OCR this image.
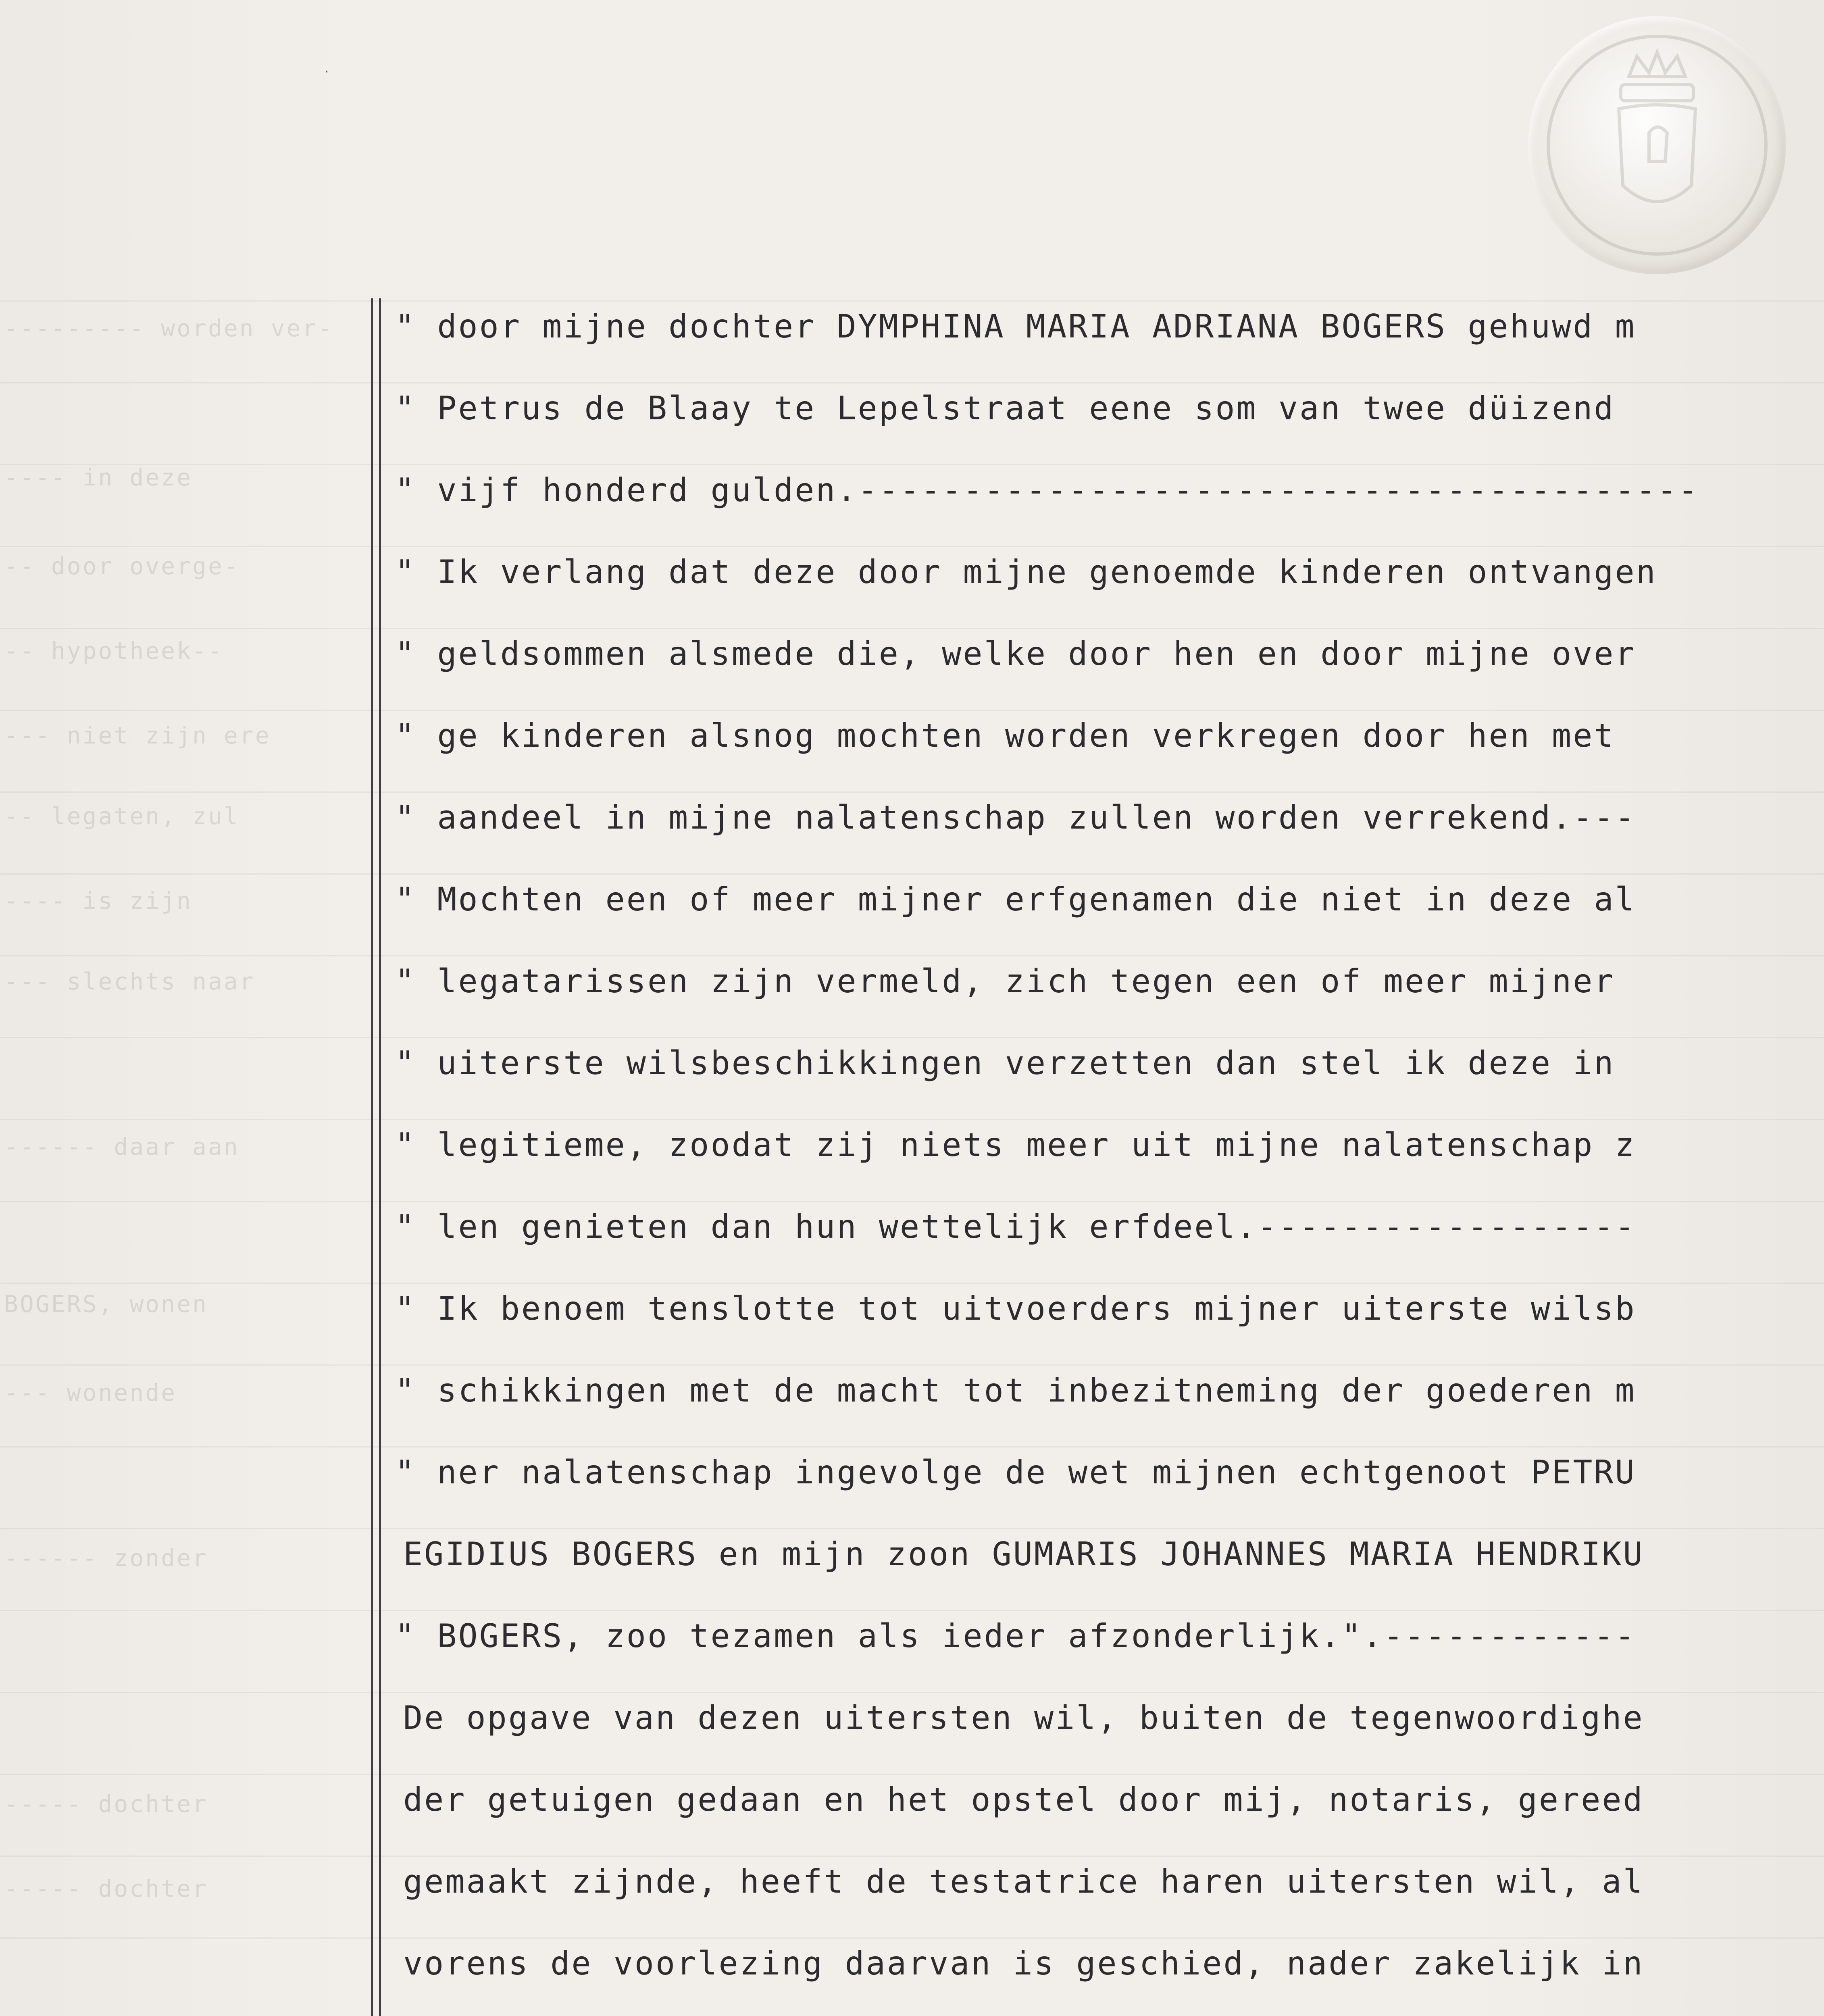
--------- worden ver-
---- in deze
-- door overge-
-- hypotheek--
--- niet zijn ere
-- legaten, zul
---- is zijn
--- slechts naar
------ daar aan
BOGERS, wonen
--- wonende
------ zonder
----- dochter
----- dochter
˙
" door mijne dochter DYMPHINA MARIA ADRIANA BOGERS gehuwd m
" Petrus de Blaay te Lepelstraat eene som van twee düizend
" vijf honderd gulden.----------------------------------------
" Ik verlang dat deze door mijne genoemde kinderen ontvangen
" geldsommen alsmede die, welke door hen en door mijne over
" ge kinderen alsnog mochten worden verkregen door hen met
" aandeel in mijne nalatenschap zullen worden verrekend.---
" Mochten een of meer mijner erfgenamen die niet in deze al
" legatarissen zijn vermeld, zich tegen een of meer mijner
" uiterste wilsbeschikkingen verzetten dan stel ik deze in
" legitieme, zoodat zij niets meer uit mijne nalatenschap z
" len genieten dan hun wettelijk erfdeel.------------------
" Ik benoem tenslotte tot uitvoerders mijner uiterste wilsb
" schikkingen met de macht tot inbezitneming der goederen m
" ner nalatenschap ingevolge de wet mijnen echtgenoot PETRU
EGIDIUS BOGERS en mijn zoon GUMARIS JOHANNES MARIA HENDRIKU
" BOGERS, zoo tezamen als ieder afzonderlijk.".------------
De opgave van dezen uitersten wil, buiten de tegenwoordighe
der getuigen gedaan en het opstel door mij, notaris, gereed
gemaakt zijnde, heeft de testatrice haren uitersten wil, al
vorens de voorlezing daarvan is geschied, nader zakelijk in
